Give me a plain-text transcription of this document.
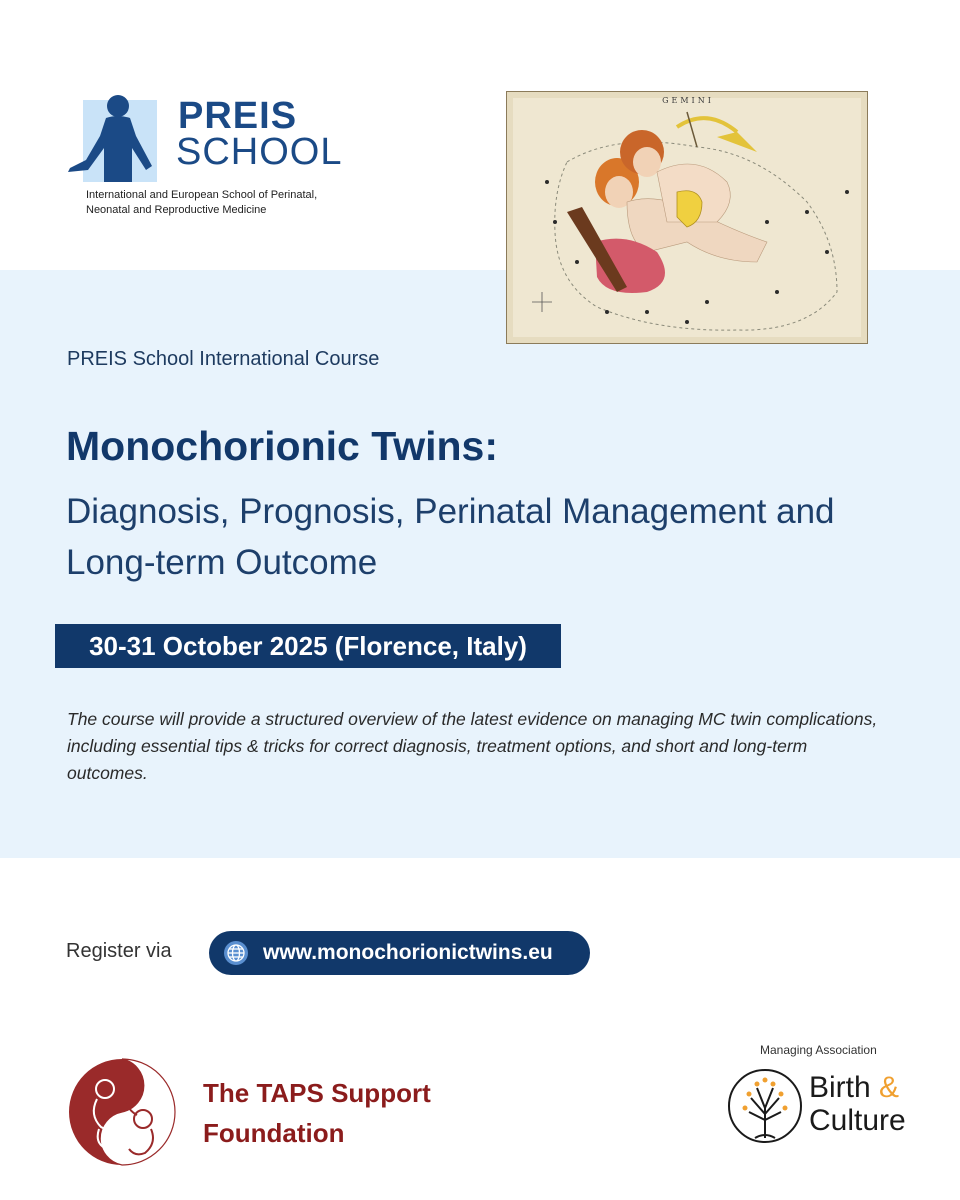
PREIS
SCHOOL
International and European School of Perinatal,
Neonatal and Reproductive Medicine
GEMINI
PREIS School International Course
Monochorionic Twins:
Diagnosis, Prognosis, Perinatal Management and Long-term Outcome
30-31 October 2025 (Florence, Italy)
The course will provide a structured overview of the latest evidence on managing MC twin complications, including essential tips & tricks for correct diagnosis, treatment options, and short and long-term outcomes.
Register via	www.monochorionictwins.eu
The TAPS Support
Foundation
Managing Association
Birth &
Culture
